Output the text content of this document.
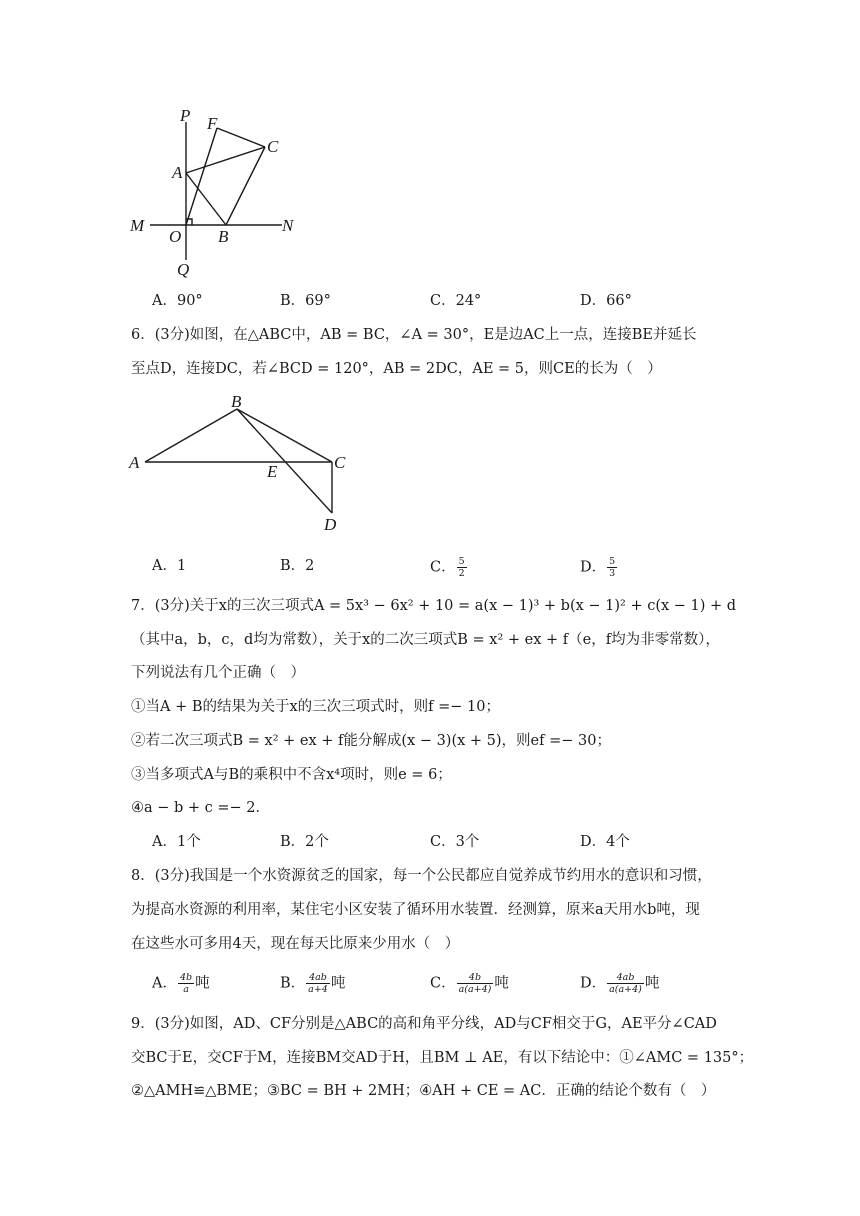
P F
C
A
M
O B
N
Q
A．90°	B．69°	C．24°	D．66°
6．(3分)如图，在△ABC中，AB = BC，∠A = 30°，E是边AC上一点，连接BE并延长
至点D，连接DC，若∠BCD = 120°，AB = 2DC，AE = 5，则CE的长为（　）
B
A	C
E
D
A．1	B．2	C． $\frac{5}{2}$	D． $\frac{5}{3}$
7．(3分)关于x的三次三项式A = 5x³ − 6x² + 10 = a(x − 1)³ + b(x − 1)² + c(x − 1) + d
（其中a，b，c，d均为常数），关于x的二次三项式B = x² + ex + f（e，f均为非零常数），
下列说法有几个正确（　）
①当A + B的结果为关于x的三次三项式时，则f =− 10；
②若二次三项式B = x² + ex + f能分解成(x − 3)(x + 5)，则ef =− 30；
③当多项式A与B的乘积中不含x⁴项时，则e = 6；
④a − b + c =− 2．
A．1个	B．2个	C．3个	D．4个
8．(3分)我国是一个水资源贫乏的国家，每一个公民都应自觉养成节约用水的意识和习惯，
为提高水资源的利用率，某住宅小区安装了循环用水装置．经测算，原来a天用水b吨，现
在这些水可多用4天，现在每天比原来少用水（　）
A． $\frac{4b}{a}$ 吨	B． $\frac{4ab}{a+4}$ 吨	C． $\frac{4b}{a(a+4)}$ 吨	D． $\frac{4ab}{a(a+4)}$ 吨
9．(3分)如图，AD、CF分别是△ABC的高和角平分线，AD与CF相交于G，AE平分∠CAD
交BC于E，交CF于M，连接BM交AD于H，且BM ⊥ AE，有以下结论中：①∠AMC = 135°；
②△AMH≌△BME；③BC = BH + 2MH；④AH + CE = AC．正确的结论个数有（　）
